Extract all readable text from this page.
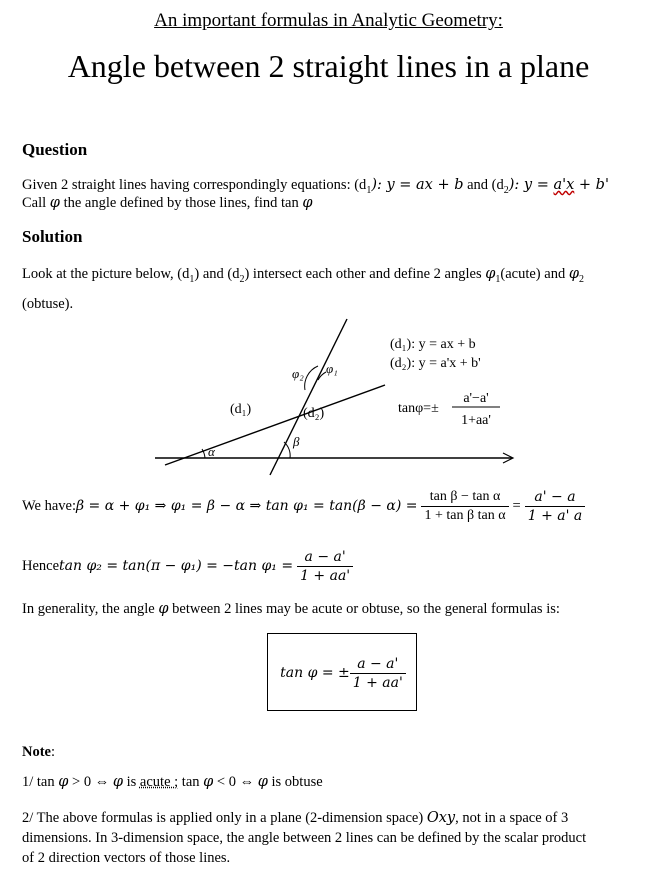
An important formulas in Analytic Geometry:
Angle between 2 straight lines in a plane
Question
Given 2 straight lines having correspondingly equations: $(d_1)$: y = ax + b and $(d_2)$: y = a'x + b'
Call φ the angle defined by those lines, find tan φ
Solution
Look at the picture below, $(d_1)$ and $(d_2)$ intersect each other and define 2 angles $\varphi_1(acute)$ and $\varphi_2$
(obtuse).
α
β
(d₁)	(d₂)
φ₂ φ₁
(d₁): y = ax + b
(d₂): y = a'x + b'
tanφ=±
a'−a'
1+aa'
We have: β = α + φ₁ ⇒ φ₁ = β − α ⇒ $\tan \varphi_1 = \tan(\beta - \alpha) = \frac{\text{tan β − tan α}}{\text{1 + tan β tan α}} = \frac{a' - a}{1 + a' a}$
Hence tan φ₂ = tan(π − φ₁) = −tan $\varphi_1 = \frac{a - a'}{1 + aa'}$
In generality, the angle φ between 2 lines may be acute or obtuse, so the general formulas is:
tan φ = ± $\frac{a - a'}{1 + aa'}$
Note:
1/ tan φ > 0 ⇔ φ is acute ; tan φ < 0 ⇔ φ is obtuse
2/ The above formulas is applied only in a plane (2-dimension space) Oxy, not in a space of 3
dimensions. In 3-dimension space, the angle between 2 lines can be defined by the scalar product
of 2 direction vectors of those lines.
